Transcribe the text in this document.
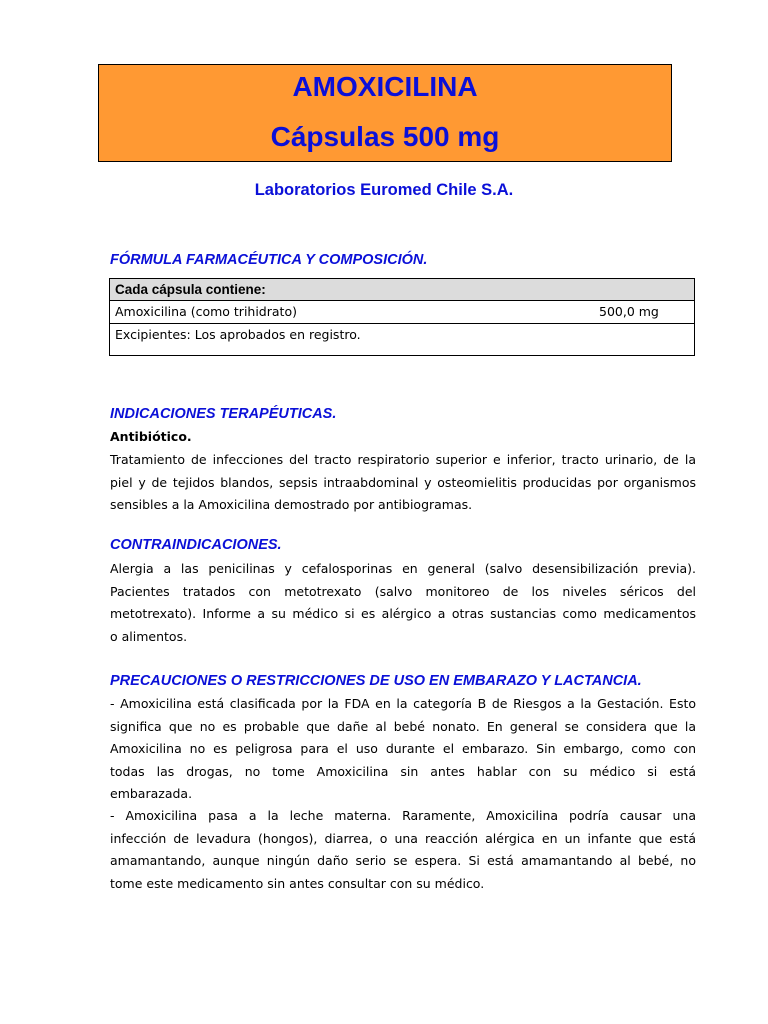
AMOXICILINA
Cápsulas 500 mg
Laboratorios Euromed Chile S.A.
FÓRMULA FARMACÉUTICA Y COMPOSICIÓN.
Cada cápsula contiene:
Amoxicilina (como trihidrato)	500,0 mg
Excipientes: Los aprobados en registro.
INDICACIONES TERAPÉUTICAS.
Antibiótico.
Tratamiento de infecciones del tracto respiratorio superior e inferior, tracto urinario, de la
piel y de tejidos blandos, sepsis intraabdominal y osteomielitis producidas por organismos
sensibles a la Amoxicilina demostrado por antibiogramas.
CONTRAINDICACIONES.
Alergia a las penicilinas y cefalosporinas en general (salvo desensibilización previa).
Pacientes tratados con metotrexato (salvo monitoreo de los niveles séricos del
metotrexato). Informe a su médico si es alérgico a otras sustancias como medicamentos
o alimentos.
PRECAUCIONES O RESTRICCIONES DE USO EN EMBARAZO Y LACTANCIA.
- Amoxicilina está clasificada por la FDA en la categoría B de Riesgos a la Gestación. Esto
significa que no es probable que dañe al bebé nonato. En general se considera que la
Amoxicilina no es peligrosa para el uso durante el embarazo. Sin embargo, como con
todas las drogas, no tome Amoxicilina sin antes hablar con su médico si está
embarazada.
- Amoxicilina pasa a la leche materna. Raramente, Amoxicilina podría causar una
infección de levadura (hongos), diarrea, o una reacción alérgica en un infante que está
amamantando, aunque ningún daño serio se espera. Si está amamantando al bebé, no
tome este medicamento sin antes consultar con su médico.
